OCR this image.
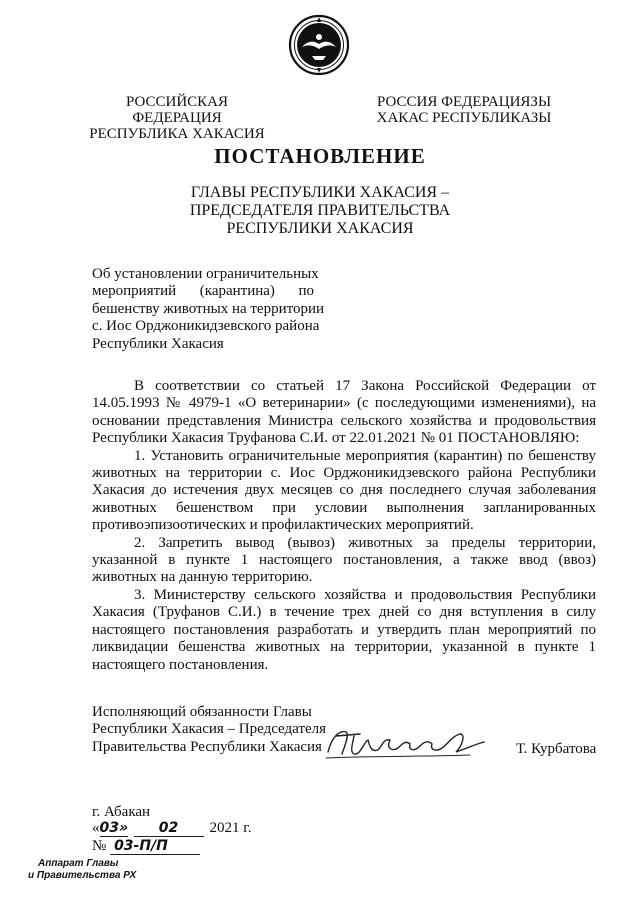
РОССИЙСКАЯ ФЕДЕРАЦИЯ
РЕСПУБЛИКА ХАКАСИЯ
РОССИЯ ФЕДЕРАЦИЯЗЫ
ХАКАС РЕСПУБЛИКАЗЫ
ПОСТАНОВЛЕНИЕ
ГЛАВЫ РЕСПУБЛИКИ ХАКАСИЯ –
ПРЕДСЕДАТЕЛЯ ПРАВИТЕЛЬСТВА
РЕСПУБЛИКИ ХАКАСИЯ
Об установлении ограничительных
мероприятий (карантина) по
бешенству животных на территории
с. Иос Орджоникидзевского района
Республики Хакасия

В соответствии со статьей 17 Закона Российской Федерации от 14.05.1993 № 4979-1 «О ветеринарии» (с последующими изменениями), на основании представления Министра сельского хозяйства и продовольствия Республики Хакасия Труфанова С.И. от 22.01.2021 № 01 ПОСТАНОВЛЯЮ:

1. Установить ограничительные мероприятия (карантин) по бешенству животных на территории с. Иос Орджоникидзевского района Республики Хакасия до истечения двух месяцев со дня последнего случая заболевания животных бешенством при условии выполнения запланированных противоэпизоотических и профилактических мероприятий.

2. Запретить вывод (вывоз) животных за пределы территории, указанной в пункте 1 настоящего постановления, а также ввод (ввоз) животных на данную территорию.

3. Министерству сельского хозяйства и продовольствия Республики Хакасия (Труфанов С.И.) в течение трех дней со дня вступления в силу настоящего постановления разработать и утвердить план мероприятий по ликвидации бешенства животных на территории, указанной в пункте 1 настоящего постановления.

Исполняющий обязанности Главы
Республики Хакасия – Председателя
Правительства Республики Хакасия	Т. Курбатова
г. Абакан
«03» 02 2021 г.
№ 03-П/П
Аппарат Главы
и Правительства РХ
